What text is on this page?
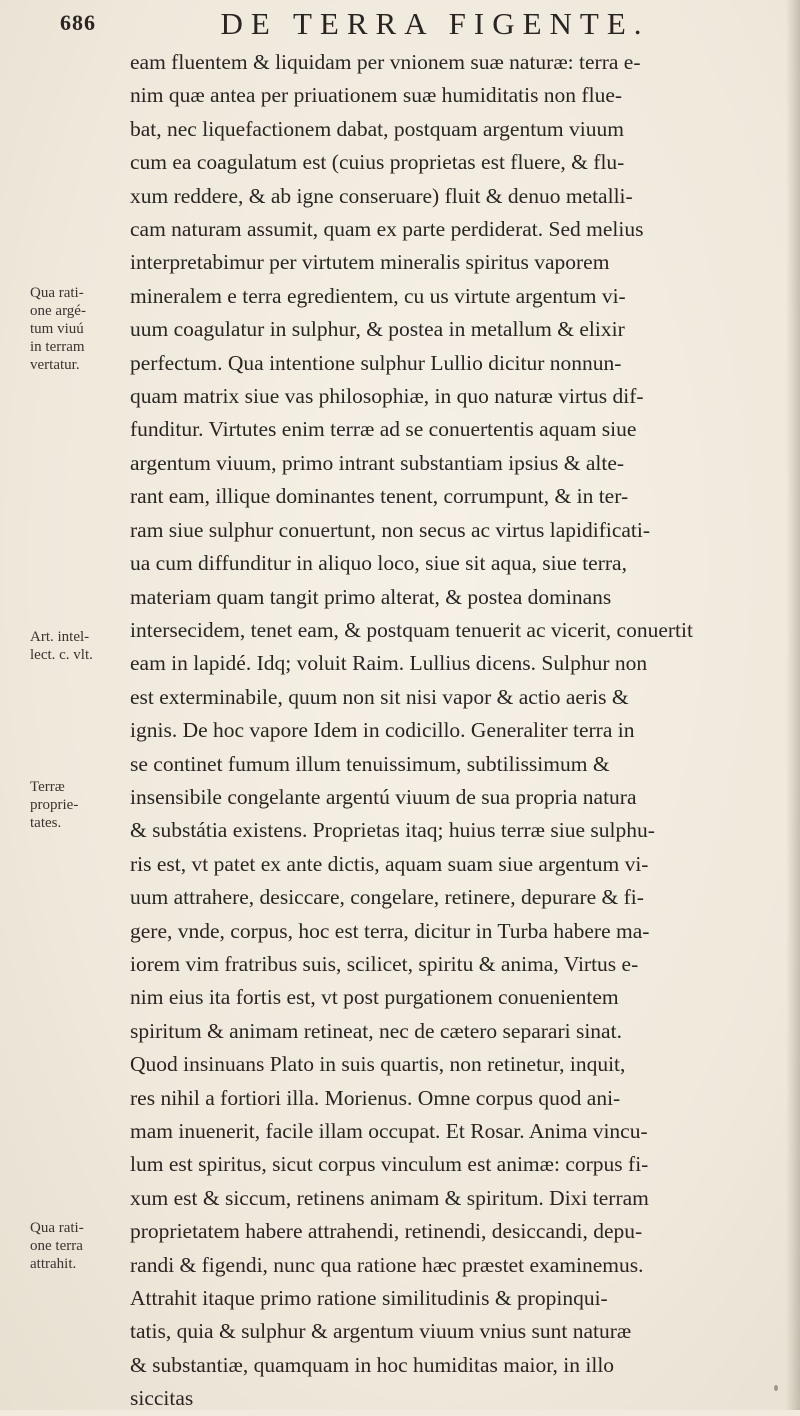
686	DE TERRA FIGENTE.
eam fluentem & liquidam per vnionem suæ naturæ: terra e-
nim quæ antea per priuationem suæ humiditatis non fluе-
bat, nec liquefactionem dabat, postquam argentum viuum
cum ea coagulatum est (cuius proprietas est fluere, & flu-
xum reddere, & ab igne conseruare) fluit & denuo metalli-
cam naturam assumit, quam ex parte perdiderat. Sed melius
interpretabimur per virtutem mineralis spiritus vaporem
mineralem e terra egredientem, cu us virtute argentum vi-
uum coagulatur in sulphur, & postea in metallum & elixir
perfectum. Qua intentione sulphur Lullio dicitur nonnun-
quam matrix siue vas philosophiæ, in quo naturæ virtus dif-
funditur. Virtutes enim terræ ad se conuertentis aquam siue
argentum viuum, primo intrant substantiam ipsius & alte-
rant eam, illique dominantes tenent, corrumpunt, & in ter-
ram siue sulphur conuertunt, non secus ac virtus lapidificati-
ua cum diffunditur in aliquo loco, siue sit aqua, siue terra,
materiam quam tangit primo alterat, & postea dominans
intersecidem, tenet eam, & postquam tenuerit ac vicerit, conuertit
eam in lapidé. Idq; voluit Raim. Lullius dicens. Sulphur non
est exterminabile, quum non sit nisi vapor & actio aeris &
ignis. De hoc vapore Idem in codicillo. Generaliter terra in
se continet fumum illum tenuissimum, subtilissimum &
insensibile congelante argentú viuum de sua propria natura
& substátia existens. Proprietas itaq; huius terræ siue sulphu-
ris est, vt patet ex ante dictis, aquam suam siue argentum vi-
uum attrahere, desiccare, congelare, retinere, depurare & fi-
gere, vnde, corpus, hoc est terra, dicitur in Turba habere ma-
iorem vim fratribus suis, scilicet, spiritu & anima, Virtus e-
nim eius ita fortis est, vt post purgationem conuenientem
spiritum & animam retineat, nec de cætero separari sinat.
Quod insinuans Plato in suis quartis, non retinetur, inquit,
res nihil a fortiori illa. Morienus. Omne corpus quod ani-
mam inuenerit, facile illam occupat. Et Rosar. Anima vincu-
lum est spiritus, sicut corpus vinculum est animæ: corpus fi-
xum est & siccum, retinens animam & spiritum. Dixi terram
proprietatem habere attrahendi, retinendi, desiccandi, depu-
randi & figendi, nunc qua ratione hæc præstet examinemus.
Attrahit itaque primo ratione similitudinis & propinqui-
tatis, quia & sulphur & argentum viuum vnius sunt naturæ
& substantiæ, quamquam in hoc humiditas maior, in illo
siccitas
Qua rati-
one argé-
tum viuú
in terram
vertatur.
Art. intel-
lect. c. vlt.
Terræ
proprie-
tates.
Qua rati-
one terra
attrahit.
